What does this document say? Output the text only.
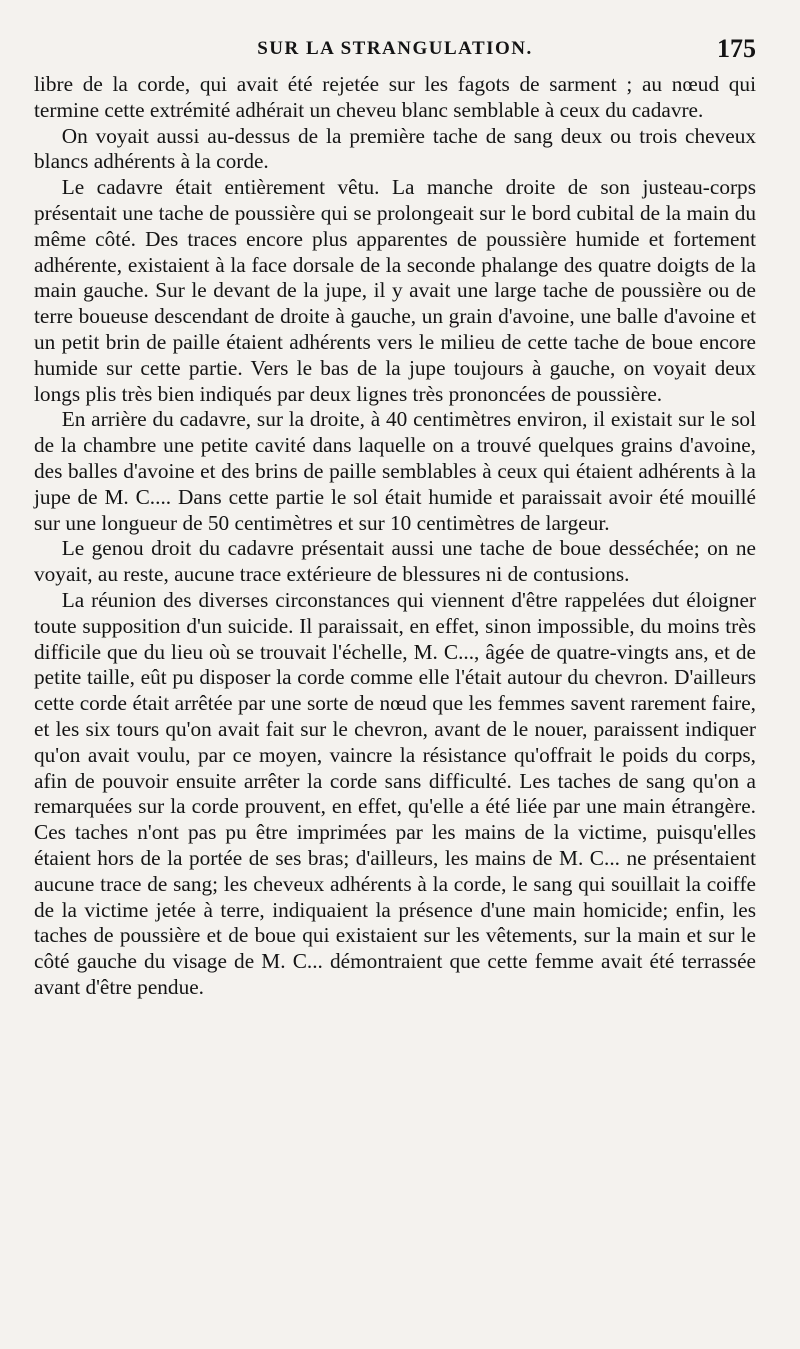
SUR LA STRANGULATION.	175

libre de la corde, qui avait été rejetée sur les fagots de sarment ; au nœud qui termine cette extrémité adhérait un cheveu blanc semblable à ceux du cadavre.

On voyait aussi au-dessus de la première tache de sang deux ou trois cheveux blancs adhérents à la corde.

Le cadavre était entièrement vêtu. La manche droite de son justeau-corps présentait une tache de poussière qui se prolongeait sur le bord cubital de la main du même côté. Des traces encore plus apparentes de poussière humide et fortement adhérente, existaient à la face dorsale de la seconde phalange des quatre doigts de la main gauche. Sur le devant de la jupe, il y avait une large tache de poussière ou de terre boueuse descendant de droite à gauche, un grain d'avoine, une balle d'avoine et un petit brin de paille étaient adhérents vers le milieu de cette tache de boue encore humide sur cette partie. Vers le bas de la jupe toujours à gauche, on voyait deux longs plis très bien indiqués par deux lignes très prononcées de poussière.

En arrière du cadavre, sur la droite, à 40 centimètres environ, il existait sur le sol de la chambre une petite cavité dans laquelle on a trouvé quelques grains d'avoine, des balles d'avoine et des brins de paille semblables à ceux qui étaient adhérents à la jupe de M. C.... Dans cette partie le sol était humide et paraissait avoir été mouillé sur une longueur de 50 centimètres et sur 10 centimètres de largeur.

Le genou droit du cadavre présentait aussi une tache de boue desséchée; on ne voyait, au reste, aucune trace extérieure de blessures ni de contusions.

La réunion des diverses circonstances qui viennent d'être rappelées dut éloigner toute supposition d'un suicide. Il paraissait, en effet, sinon impossible, du moins très difficile que du lieu où se trouvait l'échelle, M. C..., âgée de quatre-vingts ans, et de petite taille, eût pu disposer la corde comme elle l'était autour du chevron. D'ailleurs cette corde était arrêtée par une sorte de nœud que les femmes savent rarement faire, et les six tours qu'on avait fait sur le chevron, avant de le nouer, paraissent indiquer qu'on avait voulu, par ce moyen, vaincre la résistance qu'offrait le poids du corps, afin de pouvoir ensuite arrêter la corde sans difficulté. Les taches de sang qu'on a remarquées sur la corde prouvent, en effet, qu'elle a été liée par une main étrangère. Ces taches n'ont pas pu être imprimées par les mains de la victime, puisqu'elles étaient hors de la portée de ses bras; d'ailleurs, les mains de M. C... ne présentaient aucune trace de sang; les cheveux adhérents à la corde, le sang qui souillait la coiffe de la victime jetée à terre, indiquaient la présence d'une main homicide; enfin, les taches de poussière et de boue qui existaient sur les vêtements, sur la main et sur le côté gauche du visage de M. C... démontraient que cette femme avait été terrassée avant d'être pendue.
